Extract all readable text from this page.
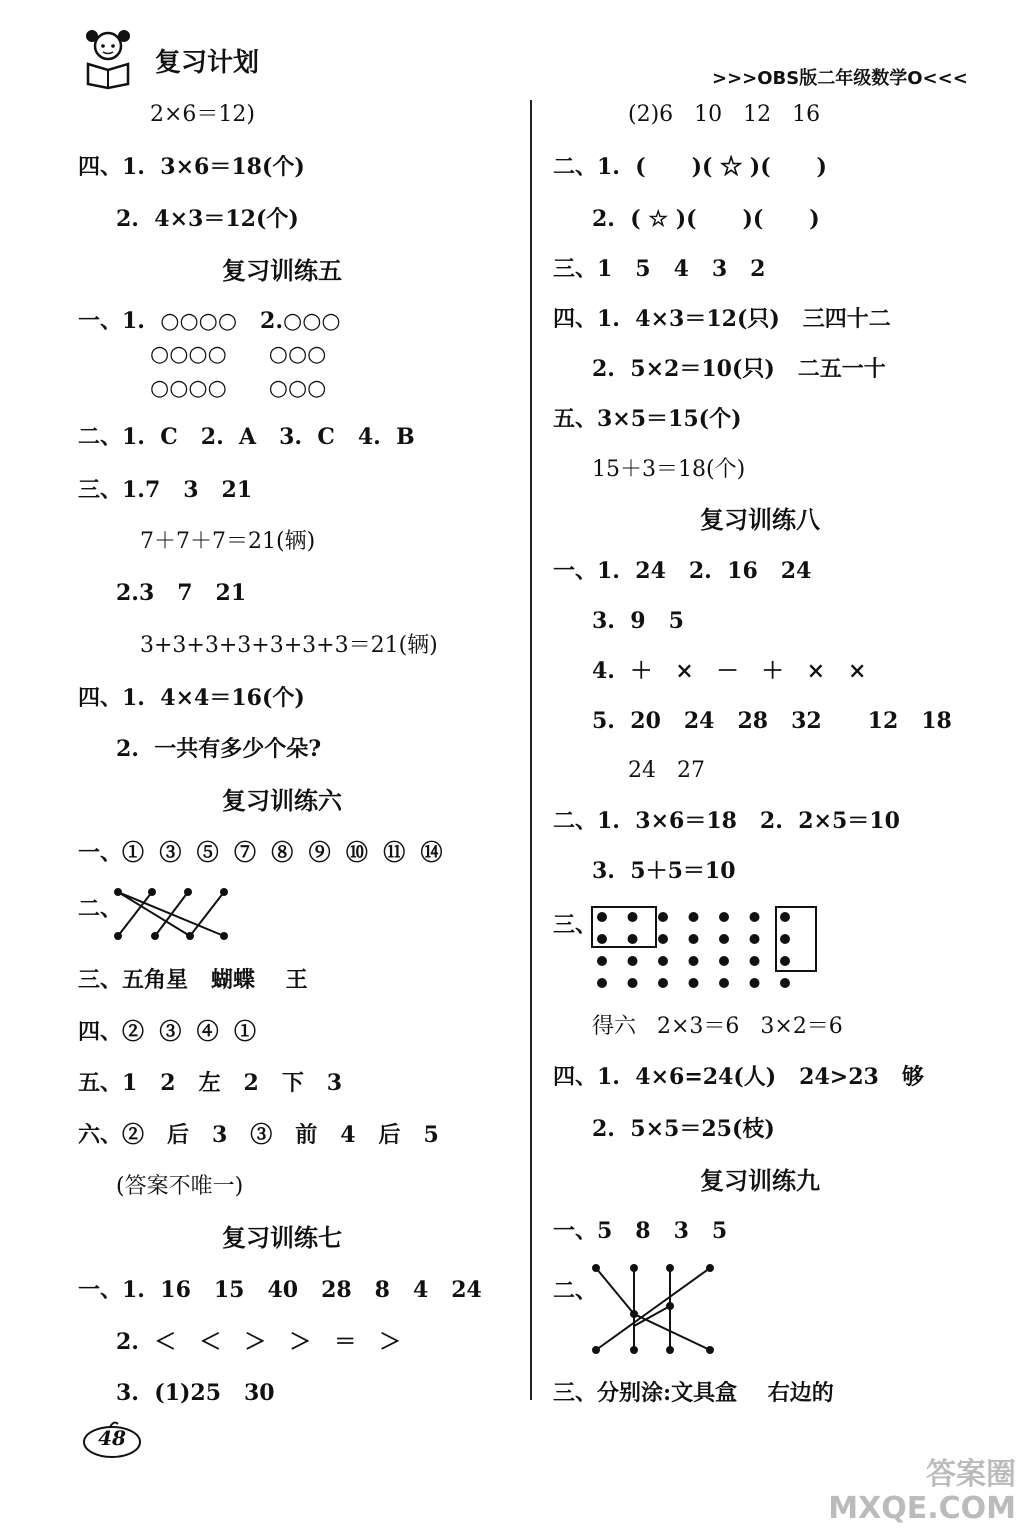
复习计划
>>>OBS版二年级数学O<<<
2×6＝12)
四、1.  3×6＝18(个)
2.  4×3＝12(个)
复习训练五
一、1.  ○○○○   2.○○○
○○○○      ○○○
○○○○      ○○○
二、1.  C   2.  A   3.  C   4.  B
三、1.7   3   21
7＋7＋7＝21(辆)
2.3   7   21
3+3+3+3+3+3+3＝21(辆)
四、1.  4×4＝16(个)
2.  一共有多少个朵?
复习训练六
一、①  ③  ⑤  ⑦  ⑧  ⑨  ⑩  ⑪  ⑭
二、
三、五角星   蝴蝶    王
四、②  ③  ④  ①
五、1   2   左   2   下   3
六、②   后   3   ③   前   4   后   5
(答案不唯一)
复习训练七
一、1.  16   15   40   28   8   4   24
2.  ＜   ＜   ＞   ＞   ＝   ＞
3.  (1)25   30
(2)6   10   12   16
二、1.  (      )( ☆ )(      )
2.  ( ☆ )(      )(      )
三、1   5   4   3   2
四、1.  4×3＝12(只)   三四十二
2.  5×2＝10(只)   二五一十
五、3×5＝15(个)
15＋3＝18(个)
复习训练八
一、1.  24   2.  16   24
3.  9   5
4.  ＋   ×   －   ＋   ×   ×
5.  20   24   28   32      12   18
24   27
二、1.  3×6＝18   2.  2×5＝10
3.  5＋5＝10
三、
得六   2×3＝6   3×2＝6
四、1.  4×6=24(人)   24>23   够
2.  5×5＝25(枝)
复习训练九
一、5   8   3   5
二、
三、分别涂:文具盒    右边的
48
答案圈
MXQE.COM
